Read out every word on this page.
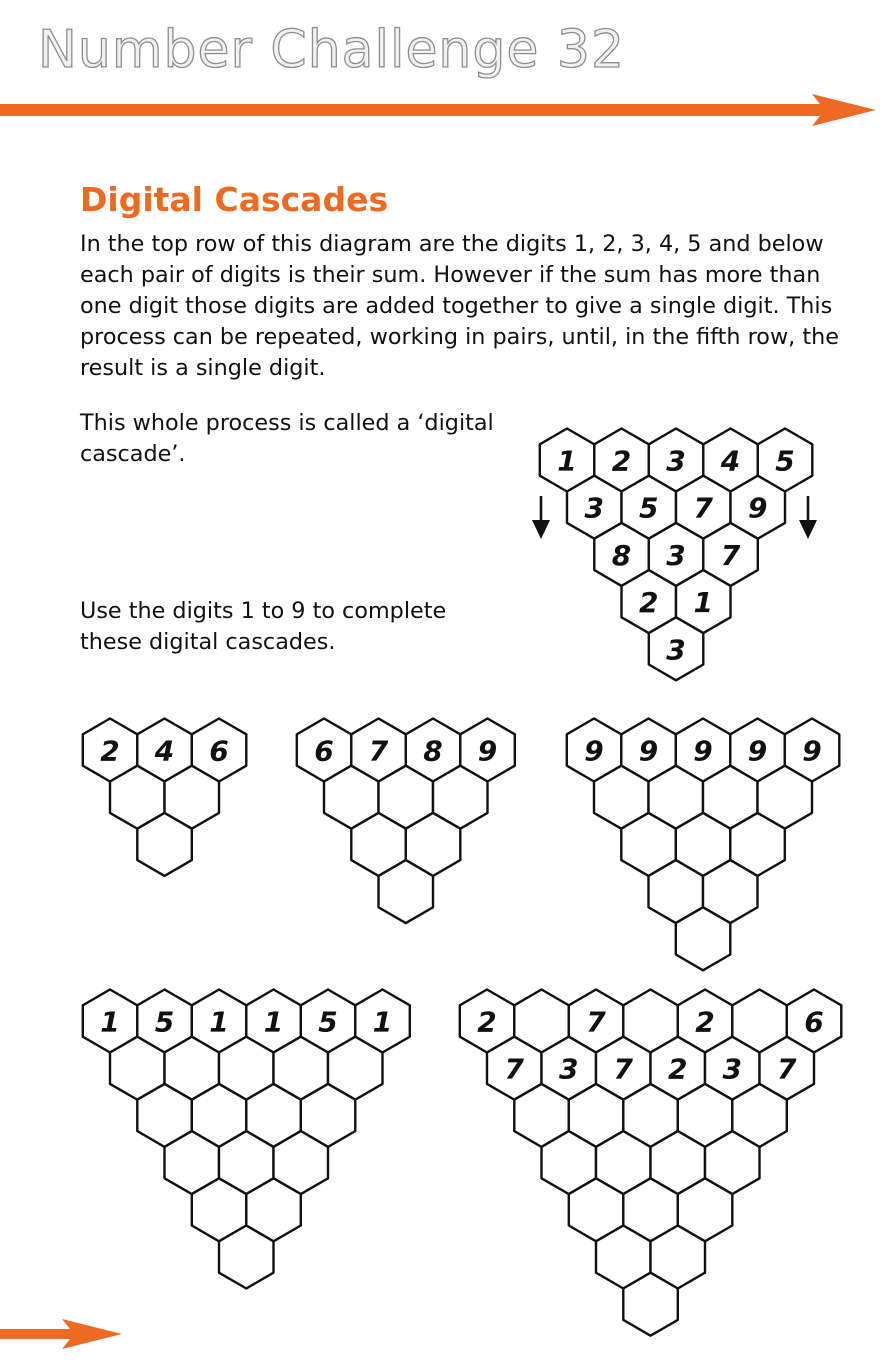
Number Challenge 32
Digital Cascades

In the top row of this diagram are the digits 1, 2, 3, 4, 5 and below each pair of digits is their sum. However if the sum has more than one digit those digits are added together to give a single digit. This process can be repeated, working in pairs, until, in the fifth row, the result is a single digit.

This whole process is called a ‘digital cascade’.

Use the digits 1 to 9 to complete these digital cascades.

1 2 3 4 5
3 5 7 9
8 3 7
2 1
3
2 4 6	6 7 8 9	9 9 9 9 9
1 5 1 1 5 1	2	7	2	6
7 3 7 2 3 7
